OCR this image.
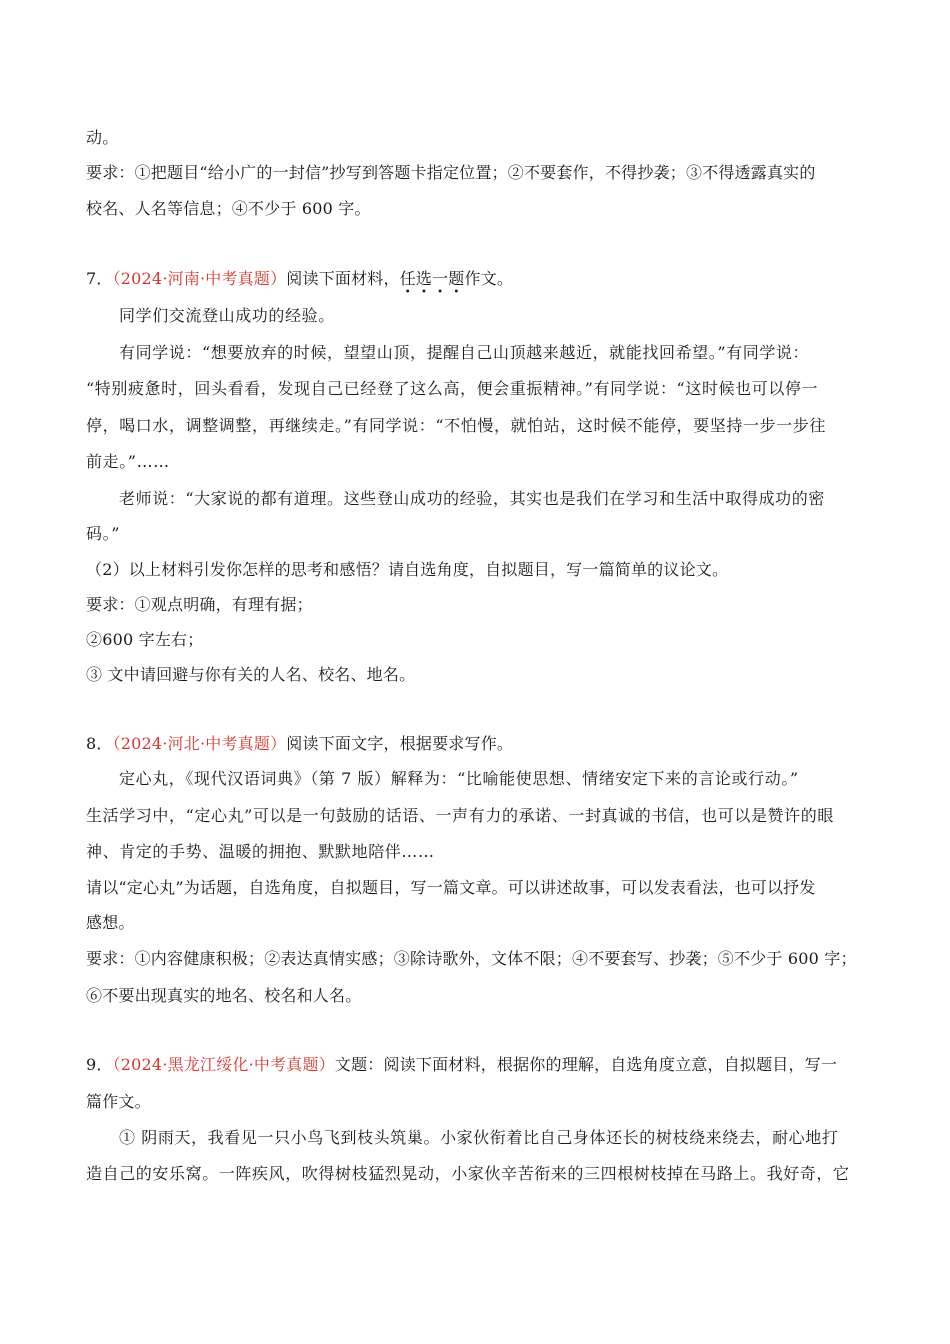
动。
要求：①把题目“给小广的一封信”抄写到答题卡指定位置；②不要套作，不得抄袭；③不得透露真实的
校名、人名等信息；④不少于 600 字。
7．（2024·河南·中考真题）阅读下面材料，任选一题
• • • •
作文。
同学们交流登山成功的经验。
有同学说：“想要放弃的时候，望望山顶，提醒自己山顶越来越近，就能找回希望。”有同学说：
“特别疲惫时，回头看看，发现自己已经登了这么高，便会重振精神。”有同学说：“这时候也可以停一
停，喝口水，调整调整，再继续走。”有同学说：“不怕慢，就怕站，这时候不能停，要坚持一步一步往
前走。”……
老师说：“大家说的都有道理。这些登山成功的经验，其实也是我们在学习和生活中取得成功的密
码。”
（2）以上材料引发你怎样的思考和感悟？请自选角度，自拟题目，写一篇简单的议论文。
要求：①观点明确，有理有据；
②600 字左右；
③ 文中请回避与你有关的人名、校名、地名。
8．（2024·河北·中考真题）阅读下面文字，根据要求写作。
定心丸，《现代汉语词典》（第 7 版）解释为：“比喻能使思想、情绪安定下来的言论或行动。”
生活学习中，“定心丸”可以是一句鼓励的话语、一声有力的承诺、一封真诚的书信，也可以是赞许的眼
神、肯定的手势、温暖的拥抱、默默地陪伴……
请以“定心丸”为话题，自选角度，自拟题目，写一篇文章。可以讲述故事，可以发表看法，也可以抒发
感想。
要求：①内容健康积极；②表达真情实感；③除诗歌外，文体不限；④不要套写、抄袭；⑤不少于 600 字；
⑥不要出现真实的地名、校名和人名。
9．（2024·黑龙江绥化·中考真题）文题：阅读下面材料，根据你的理解，自选角度立意，自拟题目，写一
篇作文。
① 阴雨天，我看见一只小鸟飞到枝头筑巢。小家伙衔着比自己身体还长的树枝绕来绕去，耐心地打
造自己的安乐窝。一阵疾风，吹得树枝猛烈晃动，小家伙辛苦衔来的三四根树枝掉在马路上。我好奇，它
